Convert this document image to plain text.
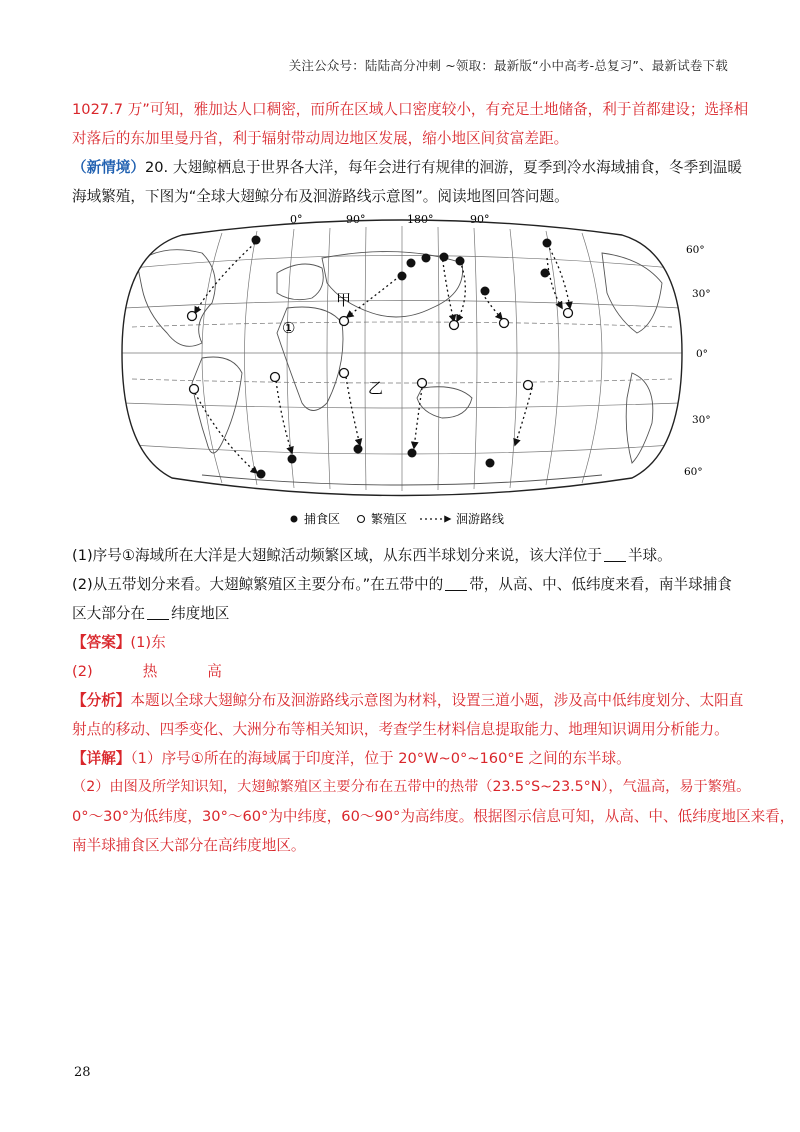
关注公众号：陆陆高分冲刺 ~领取：最新版“小中高考-总复习”、最新试卷下载

1027.7 万”可知，雅加达人口稠密，而所在区域人口密度较小，有充足土地储备，利于首都建设；选择相

对落后的东加里曼丹省，利于辐射带动周边地区发展，缩小地区间贫富差距。

（新情境）20. 大翅鲸栖息于世界各大洋，每年会进行有规律的洄游，夏季到冷水海域捕食，冬季到温暖

海域繁殖，下图为“全球大翅鲸分布及洄游路线示意图”。阅读地图回答问题。

0°	90°	180°	90°
60°
30°
0°
30°
60°
甲
乙
①
捕食区	繁殖区	洄游路线

(1)序号①海域所在大洋是大翅鲸活动频繁区域，从东西半球划分来说，该大洋位于 半球。

(2)从五带划分来看。大翅鲸繁殖区主要分布。”在五带中的 带，从高、中、低纬度来看，南半球捕食

区大部分在 纬度地区

【答案】(1)东

(2)	热	高

【分析】本题以全球大翅鲸分布及洄游路线示意图为材料，设置三道小题，涉及高中低纬度划分、太阳直

射点的移动、四季变化、大洲分布等相关知识，考查学生材料信息提取能力、地理知识调用分析能力。

【详解】（1）序号①所在的海域属于印度洋，位于 20°W~0°~160°E 之间的东半球。

（2）由图及所学知识知，大翅鲸繁殖区主要分布在五带中的热带（23.5°S~23.5°N），气温高，易于繁殖。

0°～30°为低纬度，30°～60°为中纬度，60～90°为高纬度。根据图示信息可知，从高、中、低纬度地区来看，

南半球捕食区大部分在高纬度地区。

28
